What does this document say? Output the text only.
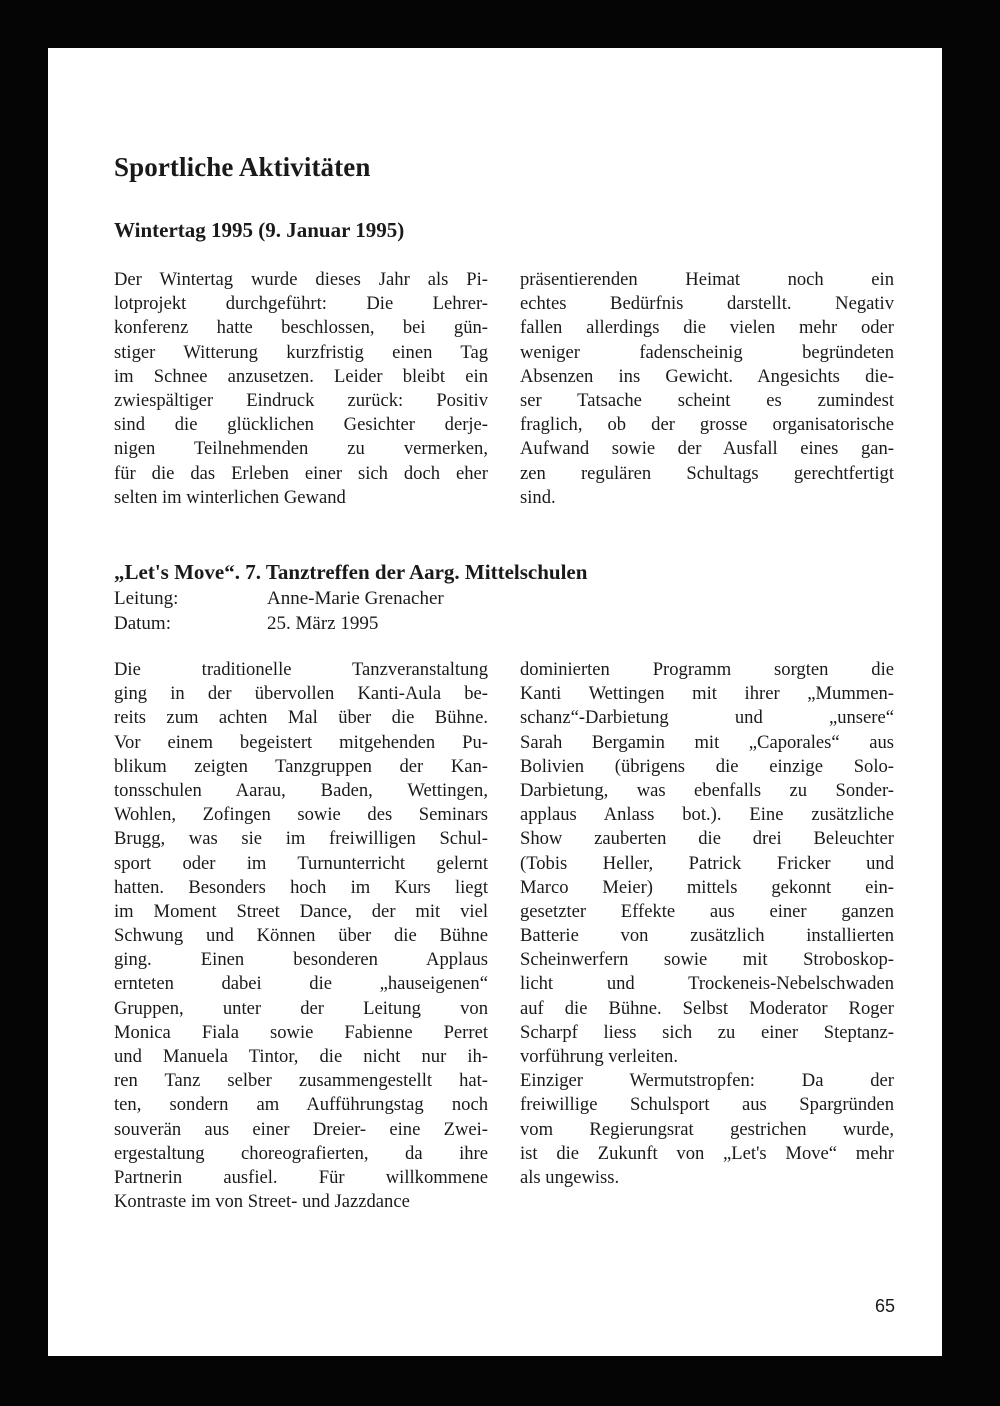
Sportliche Aktivitäten
Wintertag 1995 (9. Januar 1995)
Der Wintertag wurde dieses Jahr als Pi-
lotprojekt durchgeführt: Die Lehrer-
konferenz hatte beschlossen, bei gün-
stiger Witterung kurzfristig einen Tag
im Schnee anzusetzen. Leider bleibt ein
zwiespältiger Eindruck zurück: Positiv
sind die glücklichen Gesichter derje-
nigen Teilnehmenden zu vermerken,
für die das Erleben einer sich doch eher
selten im winterlichen Gewand
präsentierenden Heimat noch ein
echtes Bedürfnis darstellt. Negativ
fallen allerdings die vielen mehr oder
weniger fadenscheinig begründeten
Absenzen ins Gewicht. Angesichts die-
ser Tatsache scheint es zumindest
fraglich, ob der grosse organisatorische
Aufwand sowie der Ausfall eines gan-
zen regulären Schultags gerechtfertigt
sind.
„Let's Move“. 7. Tanztreffen der Aarg. Mittelschulen
Leitung:	Anne-Marie Grenacher
Datum:	25. März 1995
Die traditionelle Tanzveranstaltung
ging in der übervollen Kanti-Aula be-
reits zum achten Mal über die Bühne.
Vor einem begeistert mitgehenden Pu-
blikum zeigten Tanzgruppen der Kan-
tonsschulen Aarau, Baden, Wettingen,
Wohlen, Zofingen sowie des Seminars
Brugg, was sie im freiwilligen Schul-
sport oder im Turnunterricht gelernt
hatten. Besonders hoch im Kurs liegt
im Moment Street Dance, der mit viel
Schwung und Können über die Bühne
ging. Einen besonderen Applaus
ernteten dabei die „hauseigenen“
Gruppen, unter der Leitung von
Monica Fiala sowie Fabienne Perret
und Manuela Tintor, die nicht nur ih-
ren Tanz selber zusammengestellt hat-
ten, sondern am Aufführungstag noch
souverän aus einer Dreier- eine Zwei-
ergestaltung choreografierten, da ihre
Partnerin ausfiel. Für willkommene
Kontraste im von Street- und Jazzdance
dominierten Programm sorgten die
Kanti Wettingen mit ihrer „Mummen-
schanz“-Darbietung und „unsere“
Sarah Bergamin mit „Caporales“ aus
Bolivien (übrigens die einzige Solo-
Darbietung, was ebenfalls zu Sonder-
applaus Anlass bot.). Eine zusätzliche
Show zauberten die drei Beleuchter
(Tobis Heller, Patrick Fricker und
Marco Meier) mittels gekonnt ein-
gesetzter Effekte aus einer ganzen
Batterie von zusätzlich installierten
Scheinwerfern sowie mit Stroboskop-
licht und Trockeneis-Nebelschwaden
auf die Bühne. Selbst Moderator Roger
Scharpf liess sich zu einer Steptanz-
vorführung verleiten.
Einziger Wermutstropfen: Da der
freiwillige Schulsport aus Spargründen
vom Regierungsrat gestrichen wurde,
ist die Zukunft von „Let's Move“ mehr
als ungewiss.
65
